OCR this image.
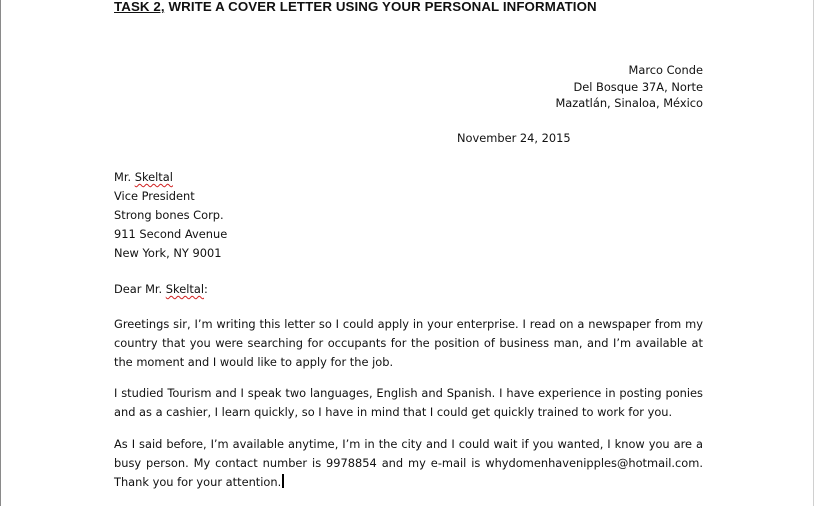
TASK 2, WRITE A COVER LETTER USING YOUR PERSONAL INFORMATION
Marco Conde
Del Bosque 37A, Norte
Mazatlán, Sinaloa, México
November 24, 2015
Mr. Skeltal
Vice President
Strong bones Corp.
911 Second Avenue
New York, NY 9001
Dear Mr. Skeltal:
Greetings sir, I’m writing this letter so I could apply in your enterprise. I read on a newspaper from my country that you were searching for occupants for the position of business man, and I’m available at the moment and I would like to apply for the job.
I studied Tourism and I speak two languages, English and Spanish. I have experience in posting ponies and as a cashier, I learn quickly, so I have in mind that I could get quickly trained to work for you.
As I said before, I’m available anytime, I’m in the city and I could wait if you wanted, I know you are a busy person. My contact number is 9978854 and my e-mail is whydomenhavenipples@hotmail.com. Thank you for your attention.
